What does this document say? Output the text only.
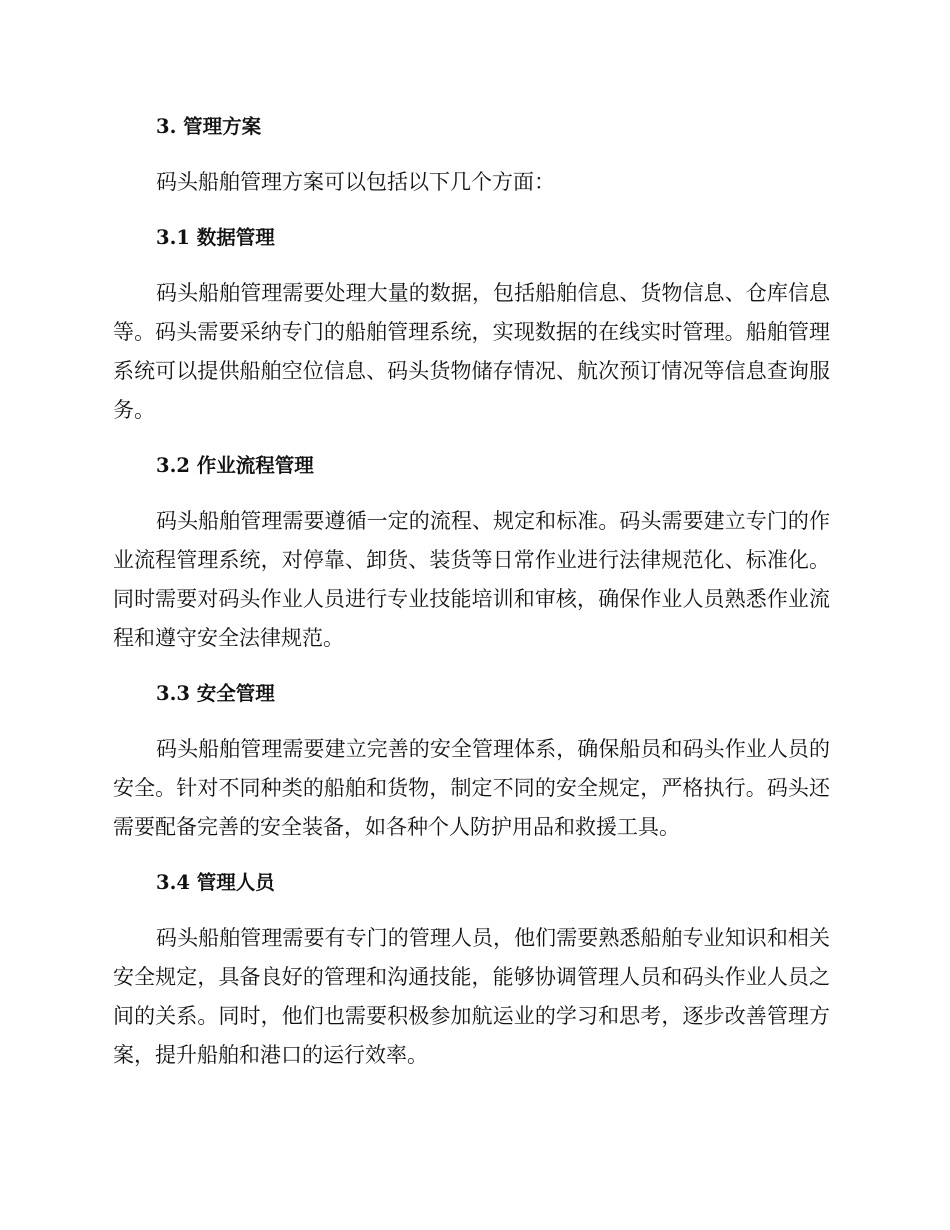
3. 管理方案

码头船舶管理方案可以包括以下几个方面：

3.1 数据管理

码头船舶管理需要处理大量的数据，包括船舶信息、货物信息、仓库信息等。码头需要采纳专门的船舶管理系统，实现数据的在线实时管理。船舶管理系统可以提供船舶空位信息、码头货物储存情况、航次预订情况等信息查询服务。

3.2 作业流程管理

码头船舶管理需要遵循一定的流程、规定和标准。码头需要建立专门的作业流程管理系统，对停靠、卸货、装货等日常作业进行法律规范化、标准化。同时需要对码头作业人员进行专业技能培训和审核，确保作业人员熟悉作业流程和遵守安全法律规范。

3.3 安全管理

码头船舶管理需要建立完善的安全管理体系，确保船员和码头作业人员的安全。针对不同种类的船舶和货物，制定不同的安全规定，严格执行。码头还需要配备完善的安全装备，如各种个人防护用品和救援工具。

3.4 管理人员

码头船舶管理需要有专门的管理人员，他们需要熟悉船舶专业知识和相关安全规定，具备良好的管理和沟通技能，能够协调管理人员和码头作业人员之间的关系。同时，他们也需要积极参加航运业的学习和思考，逐步改善管理方案，提升船舶和港口的运行效率。
